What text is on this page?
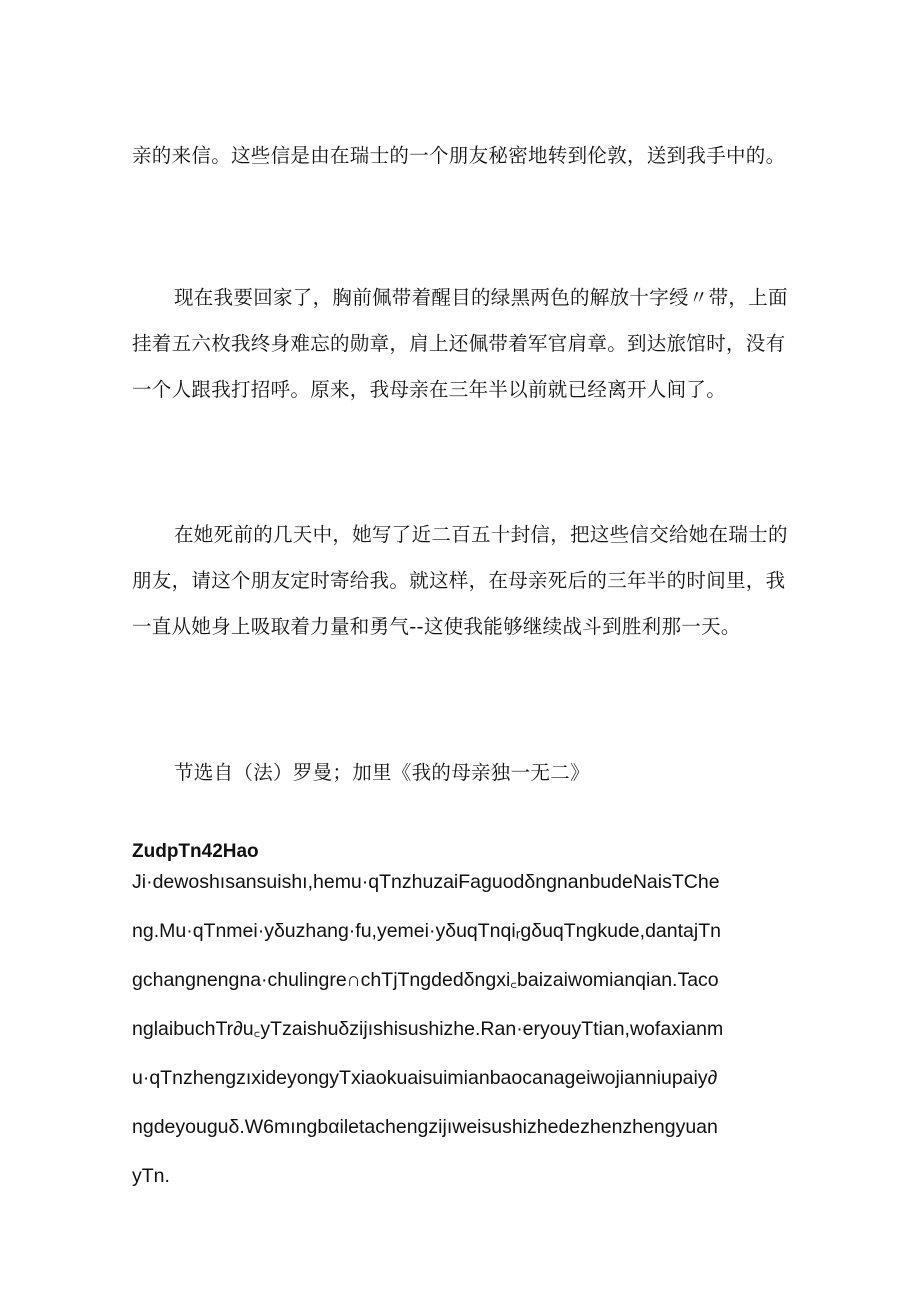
亲的来信。这些信是由在瑞士的一个朋友秘密地转到伦敦，送到我手中的。
现在我要回家了，胸前佩带着醒目的绿黑两色的解放十字绶〃带，上面
挂着五六枚我终身难忘的勋章，肩上还佩带着军官肩章。到达旅馆时，没有
一个人跟我打招呼。原来，我母亲在三年半以前就已经离开人间了。
在她死前的几天中，她写了近二百五十封信，把这些信交给她在瑞士的
朋友，请这个朋友定时寄给我。就这样，在母亲死后的三年半的时间里，我
一直从她身上吸取着力量和勇气--这使我能够继续战斗到胜利那一天。
节选自（法）罗曼；加里《我的母亲独一无二》
ZudpTn42Hao
Ji·dewoshısansuishı,hemu·qTnzhuzaiFaguodδngnanbudeNaisTChe
ng.Mu·qTnmei·yδuzhang·fu,yemei·yδuqTnqiᵣgδuqTngkude,dantajTn
gchangnengna·chulingre∩chTjTngdedδngxi꜀baizaiwomianqian.Taco
nglaibuchTr∂u꜀yTzaishuδzijıshisushizhe.Ran·eryouyTtian,wofaxianm
u·qTnzhengzıxideyongyTxiaokuaisuimianbaocanageiwojianniupaiy∂
ngdeyouguδ.W6mıngbαiletachengzijıweisushizhedezhenzhengyuan
yTn.
